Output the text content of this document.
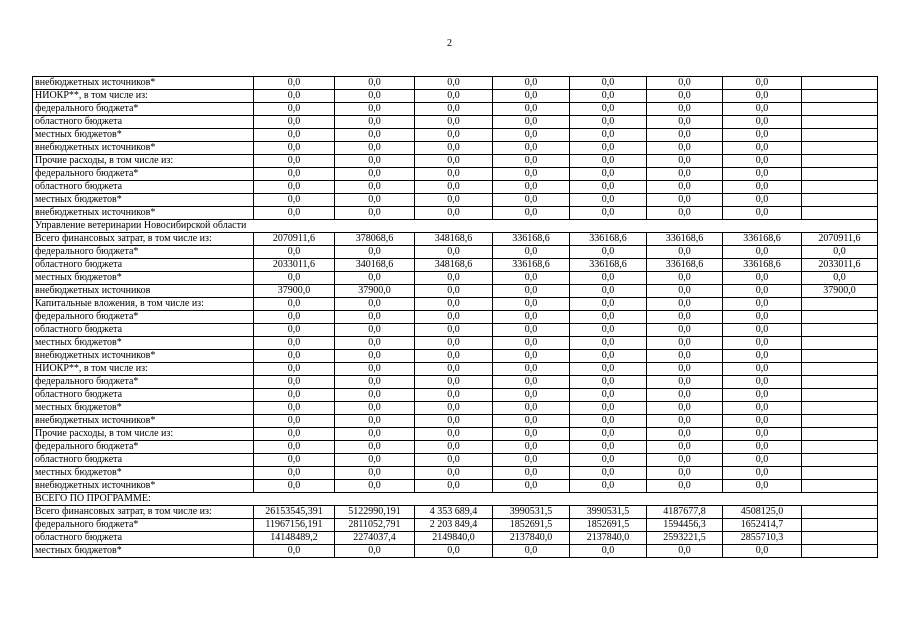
2
внебюджетных источников*	0,0	0,0	0,0	0,0	0,0	0,0	0,0	
НИОКР**, в том числе из:	0,0	0,0	0,0	0,0	0,0	0,0	0,0	
федерального бюджета*	0,0	0,0	0,0	0,0	0,0	0,0	0,0	
областного бюджета	0,0	0,0	0,0	0,0	0,0	0,0	0,0	
местных бюджетов*	0,0	0,0	0,0	0,0	0,0	0,0	0,0	
внебюджетных источников*	0,0	0,0	0,0	0,0	0,0	0,0	0,0	
Прочие расходы, в том числе из:	0,0	0,0	0,0	0,0	0,0	0,0	0,0	
федерального бюджета*	0,0	0,0	0,0	0,0	0,0	0,0	0,0	
областного бюджета	0,0	0,0	0,0	0,0	0,0	0,0	0,0	
местных бюджетов*	0,0	0,0	0,0	0,0	0,0	0,0	0,0	
внебюджетных источников*	0,0	0,0	0,0	0,0	0,0	0,0	0,0	
Управление ветеринарии Новосибирской области								
Всего финансовых затрат, в том числе из:	2070911,6	378068,6	348168,6	336168,6	336168,6	336168,6	336168,6	2070911,6
федерального бюджета*	0,0	0,0	0,0	0,0	0,0	0,0	0,0	0,0
областного бюджета	2033011,6	340168,6	348168,6	336168,6	336168,6	336168,6	336168,6	2033011,6
местных бюджетов*	0,0	0,0	0,0	0,0	0,0	0,0	0,0	0,0
внебюджетных источников	37900,0	37900,0	0,0	0,0	0,0	0,0	0,0	37900,0
Капитальные вложения, в том числе из:	0,0	0,0	0,0	0,0	0,0	0,0	0,0	
федерального бюджета*	0,0	0,0	0,0	0,0	0,0	0,0	0,0	
областного бюджета	0,0	0,0	0,0	0,0	0,0	0,0	0,0	
местных бюджетов*	0,0	0,0	0,0	0,0	0,0	0,0	0,0	
внебюджетных источников*	0,0	0,0	0,0	0,0	0,0	0,0	0,0	
НИОКР**, в том числе из:	0,0	0,0	0,0	0,0	0,0	0,0	0,0	
федерального бюджета*	0,0	0,0	0,0	0,0	0,0	0,0	0,0	
областного бюджета	0,0	0,0	0,0	0,0	0,0	0,0	0,0	
местных бюджетов*	0,0	0,0	0,0	0,0	0,0	0,0	0,0	
внебюджетных источников*	0,0	0,0	0,0	0,0	0,0	0,0	0,0	
Прочие расходы, в том числе из:	0,0	0,0	0,0	0,0	0,0	0,0	0,0	
федерального бюджета*	0,0	0,0	0,0	0,0	0,0	0,0	0,0	
областного бюджета	0,0	0,0	0,0	0,0	0,0	0,0	0,0	
местных бюджетов*	0,0	0,0	0,0	0,0	0,0	0,0	0,0	
внебюджетных источников*	0,0	0,0	0,0	0,0	0,0	0,0	0,0	
ВСЕГО ПО ПРОГРАММЕ:								
Всего финансовых затрат, в том числе из:	26153545,391	5122990,191	4 353 689,4	3990531,5	3990531,5	4187677,8	4508125,0	
федерального бюджета*	11967156,191	2811052,791	2 203 849,4	1852691,5	1852691,5	1594456,3	1652414,7	
областного бюджета	14148489,2	2274037,4	2149840,0	2137840,0	2137840,0	2593221,5	2855710,3	
местных бюджетов*	0,0	0,0	0,0	0,0	0,0	0,0	0,0	
